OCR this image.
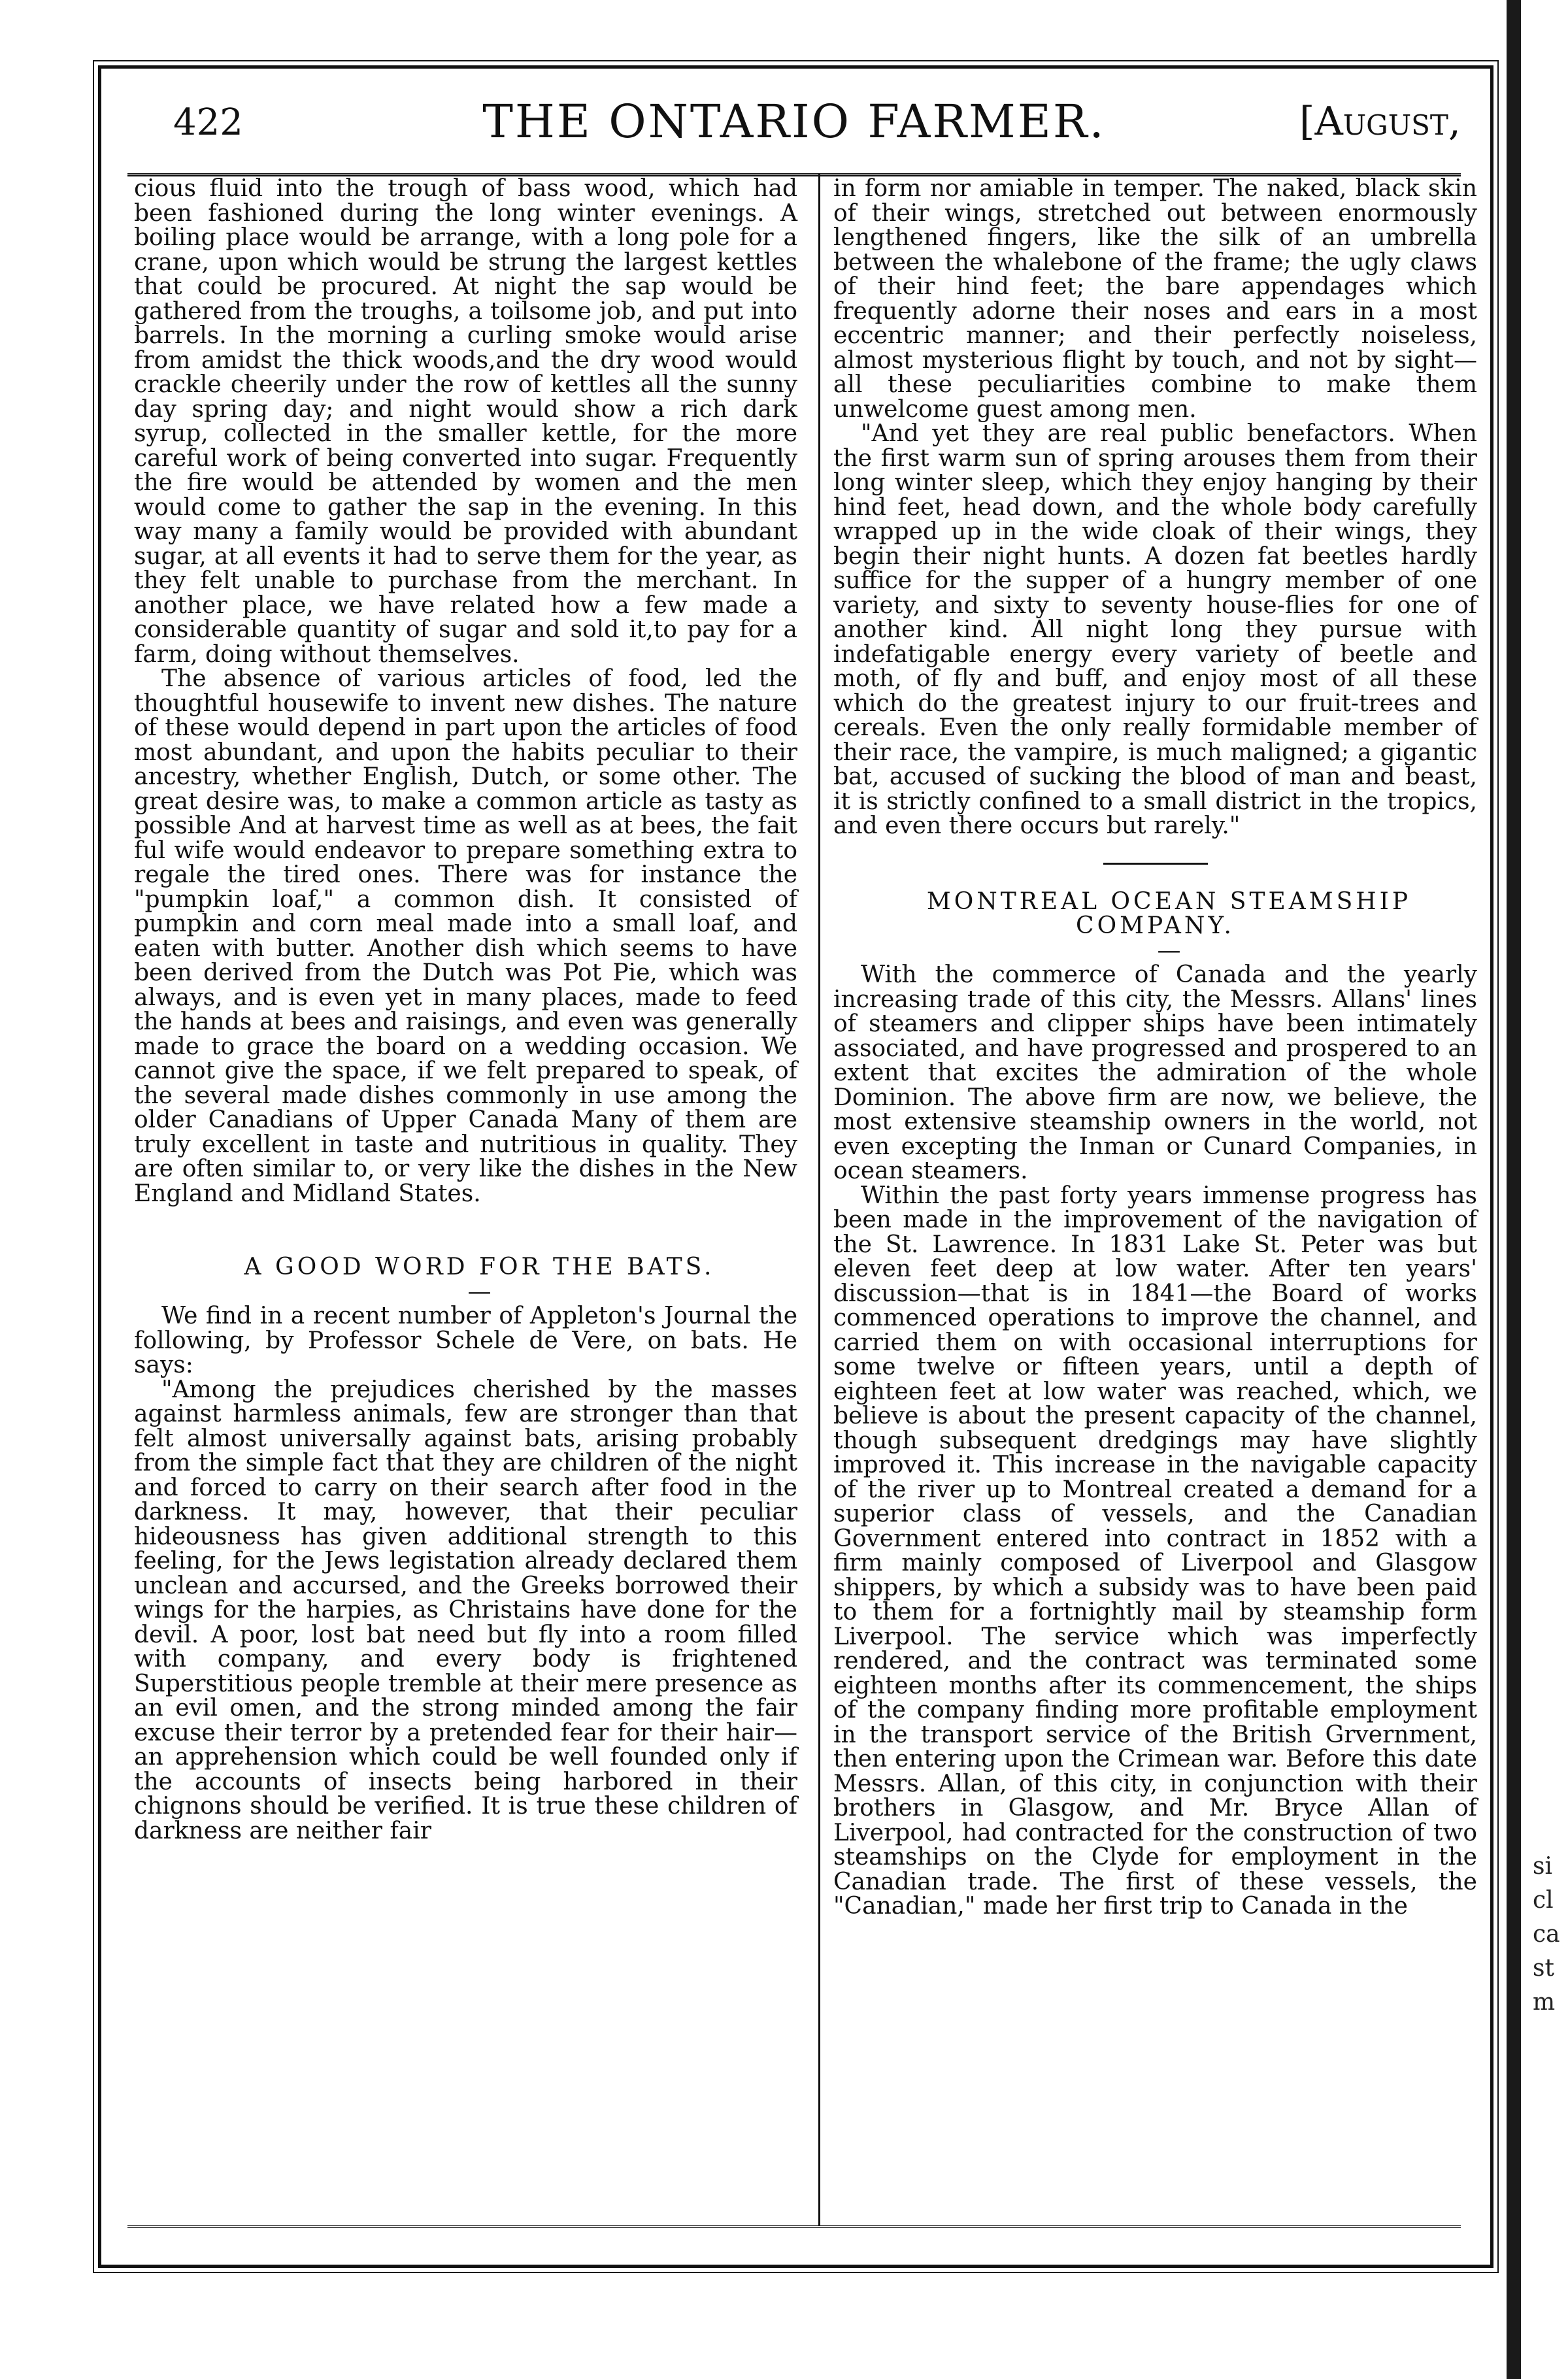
422	THE ONTARIO FARMER.	[August,

cious fluid into the trough of bass wood, which had been fashioned during the long winter evenings. A boiling place would be arrange, with a long pole for a crane, upon which would be strung the largest kettles that could be procured. At night the sap would be gathered from the troughs, a toilsome job, and put into barrels. In the morning a curling smoke would arise from amidst the thick woods,and the dry wood would crackle cheerily under the row of kettles all the sunny day spring day; and night would show a rich dark syrup, collected in the smaller kettle, for the more careful work of being converted into sugar. Frequently the fire would be attended by women and the men would come to gather the sap in the evening. In this way many a family would be provided with abundant sugar, at all events it had to serve them for the year, as they felt unable to purchase from the merchant. In another place, we have related how a few made a considerable quantity of sugar and sold it,to pay for a farm, doing without themselves.

The absence of various articles of food, led the thoughtful housewife to invent new dishes. The nature of these would depend in part upon the articles of food most abundant, and upon the habits peculiar to their ancestry, whether English, Dutch, or some other. The great desire was, to make a common article as tasty as possible And at harvest time as well as at bees, the fait ful wife would endeavor to prepare something extra to regale the tired ones. There was for instance the "pumpkin loaf," a common dish. It consisted of pumpkin and corn meal made into a small loaf, and eaten with butter. Another dish which seems to have been derived from the Dutch was Pot Pie, which was always, and is even yet in many places, made to feed the hands at bees and raisings, and even was generally made to grace the board on a wedding occasion. We cannot give the space, if we felt prepared to speak, of the several made dishes commonly in use among the older Canadians of Upper Canada Many of them are truly excellent in taste and nutritious in quality. They are often similar to, or very like the dishes in the New England and Midland States.

A GOOD WORD FOR THE BATS.

—

We find in a recent number of Appleton's Journal the following, by Professor Schele de Vere, on bats. He says:

"Among the prejudices cherished by the masses against harmless animals, few are stronger than that felt almost universally against bats, arising probably from the simple fact that they are children of the night and forced to carry on their search after food in the darkness. It may, however, that their peculiar hideousness has given additional strength to this feeling, for the Jews legistation already declared them unclean and accursed, and the Greeks borrowed their wings for the harpies, as Christains have done for the devil. A poor, lost bat need but fly into a room filled with company, and every body is frightened Superstitious people tremble at their mere presence as an evil omen, and the strong minded among the fair excuse their terror by a pretended fear for their hair—an apprehension which could be well founded only if the accounts of insects being harbored in their chignons should be verified. It is true these children of darkness are neither fair

in form nor amiable in temper. The naked, black skin of their wings, stretched out between enormously lengthened fingers, like the silk of an umbrella between the whalebone of the frame; the ugly claws of their hind feet; the bare appendages which frequently adorne their noses and ears in a most eccentric manner; and their perfectly noiseless, almost mysterious flight by touch, and not by sight—all these peculiarities combine to make them unwelcome guest among men.

"And yet they are real public benefactors. When the first warm sun of spring arouses them from their long winter sleep, which they enjoy hanging by their hind feet, head down, and the whole body carefully wrapped up in the wide cloak of their wings, they begin their night hunts. A dozen fat beetles hardly suffice for the supper of a hungry member of one variety, and sixty to seventy house-flies for one of another kind. All night long they pursue with indefatigable energy every variety of beetle and moth, of fly and buff, and enjoy most of all these which do the greatest injury to our fruit-trees and cereals. Even the only really formidable member of their race, the vampire, is much maligned; a gigantic bat, accused of sucking the blood of man and beast, it is strictly confined to a small district in the tropics, and even there occurs but rarely."

MONTREAL OCEAN STEAMSHIP COMPANY.

—

With the commerce of Canada and the yearly increasing trade of this city, the Messrs. Allans' lines of steamers and clipper ships have been intimately associated, and have progressed and prospered to an extent that excites the admiration of the whole Dominion. The above firm are now, we believe, the most extensive steamship owners in the world, not even excepting the Inman or Cunard Companies, in ocean steamers.

Within the past forty years immense progress has been made in the improvement of the navigation of the St. Lawrence. In 1831 Lake St. Peter was but eleven feet deep at low water. After ten years' discussion—that is in 1841—the Board of works commenced operations to improve the channel, and carried them on with occasional interruptions for some twelve or fifteen years, until a depth of eighteen feet at low water was reached, which, we believe is about the present capacity of the channel, though subsequent dredgings may have slightly improved it. This increase in the navigable capacity of the river up to Montreal created a demand for a superior class of vessels, and the Canadian Government entered into contract in 1852 with a firm mainly composed of Liverpool and Glasgow shippers, by which a subsidy was to have been paid to them for a fortnightly mail by steamship form Liverpool. The service which was imperfectly rendered, and the contract was terminated some eighteen months after its commencement, the ships of the company finding more profitable employment in the transport service of the British Grvernment, then entering upon the Crimean war. Before this date Messrs. Allan, of this city, in conjunction with their brothers in Glasgow, and Mr. Bryce Allan of Liverpool, had contracted for the construction of two steamships on the Clyde for employment in the Canadian trade. The first of these vessels, the "Canadian," made her first trip to Canada in the

si
cl
ca
st
m
